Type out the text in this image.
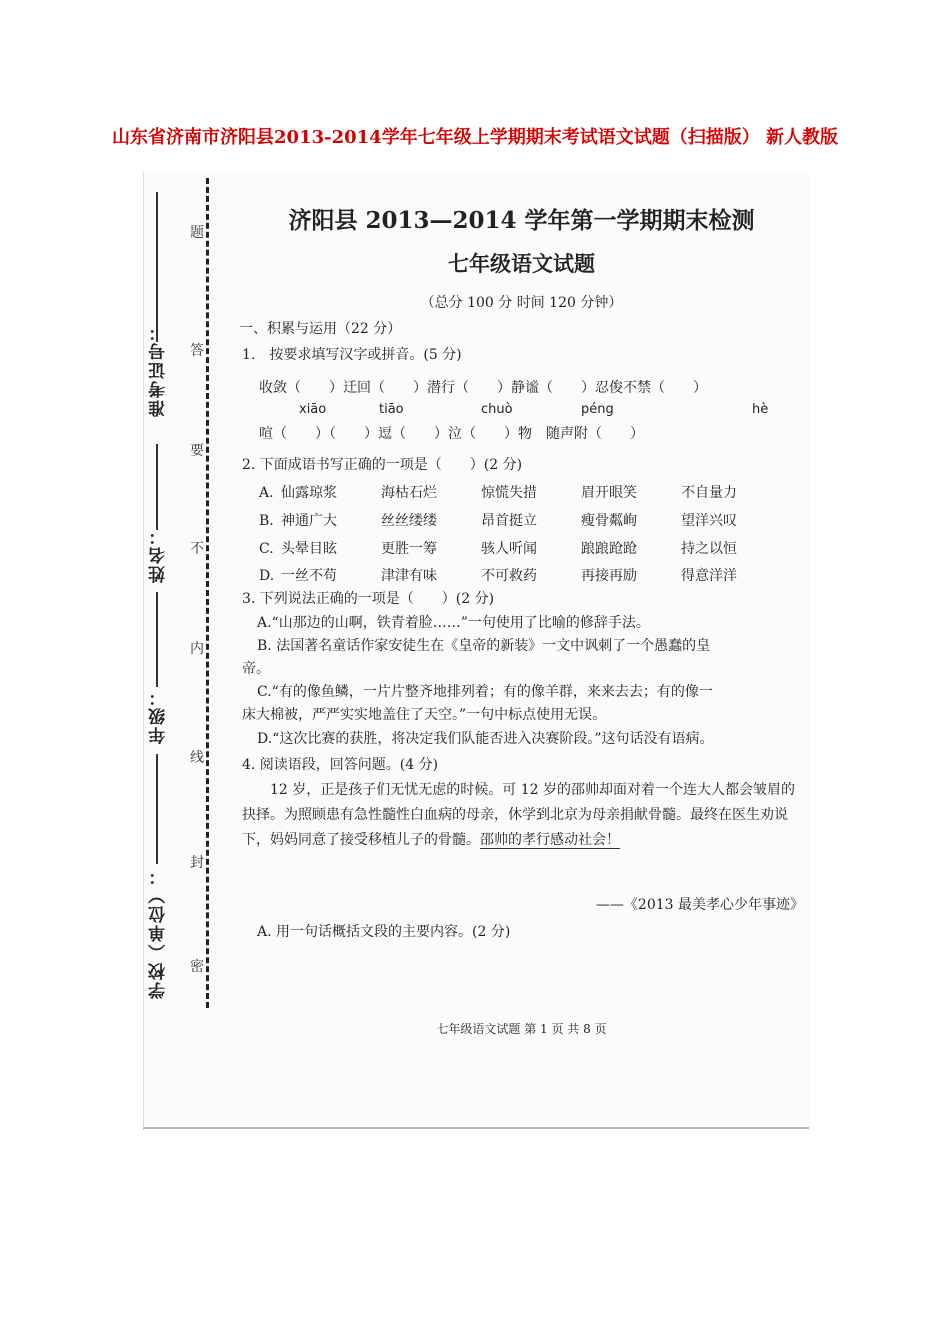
山东省济南市济阳县2013-2014学年七年级上学期期末考试语文试题（扫描版） 新人教版
题
答
要
不
内
线
封
密
准考证号：
姓名：
年级：
学校（单位）：
济阳县 2013—2014 学年第一学期期末检测
七年级语文试题
（总分 100 分 时间 120 分钟）
一、积累与运用（22 分）
1.　按要求填写汉字或拼音。(5 分)
收敛（　　）迁回（　　）潜行（　　）静谧（　　）忍俊不禁（　　）
xiāo	tiāo	chuò	péng	hè
喧（　　）（　　）逗（　　）泣（　　）物　随声附（　　）
2. 下面成语书写正确的一项是（　　）(2 分)
A. 仙露琼浆	海枯石烂	惊慌失措	眉开眼笑	不自量力
B. 神通广大	丝丝缕缕	昂首挺立	瘦骨粼峋	望洋兴叹
C. 头晕目眩	更胜一筹	骇人听闻	踉踉跄跄	持之以恒
D. 一丝不苟	津津有味	不可救药	再接再励	得意洋洋
3. 下列说法正确的一项是（　　）(2 分)
A.“山那边的山啊，铁青着脸……”一句使用了比喻的修辞手法。
B. 法国著名童话作家安徒生在《皇帝的新装》一文中讽刺了一个愚蠢的皇
帝。
C.“有的像鱼鳞，一片片整齐地排列着；有的像羊群，来来去去；有的像一
床大棉被，严严实实地盖住了天空。”一句中标点使用无误。
D.“这次比赛的获胜，将决定我们队能否进入决赛阶段。”这句话没有语病。
4. 阅读语段，回答问题。(4 分)
12 岁，正是孩子们无忧无虑的时候。可 12 岁的邵帅却面对着一个连大人都会皱眉的抉择。为照顾患有急性髓性白血病的母亲，休学到北京为母亲捐献骨髓。最终在医生劝说下，妈妈同意了接受移植儿子的骨髓。邵帅的孝行感动社会！
——《2013 最美孝心少年事迹》
A. 用一句话概括文段的主要内容。(2 分)
七年级语文试题 第 1 页 共 8 页
